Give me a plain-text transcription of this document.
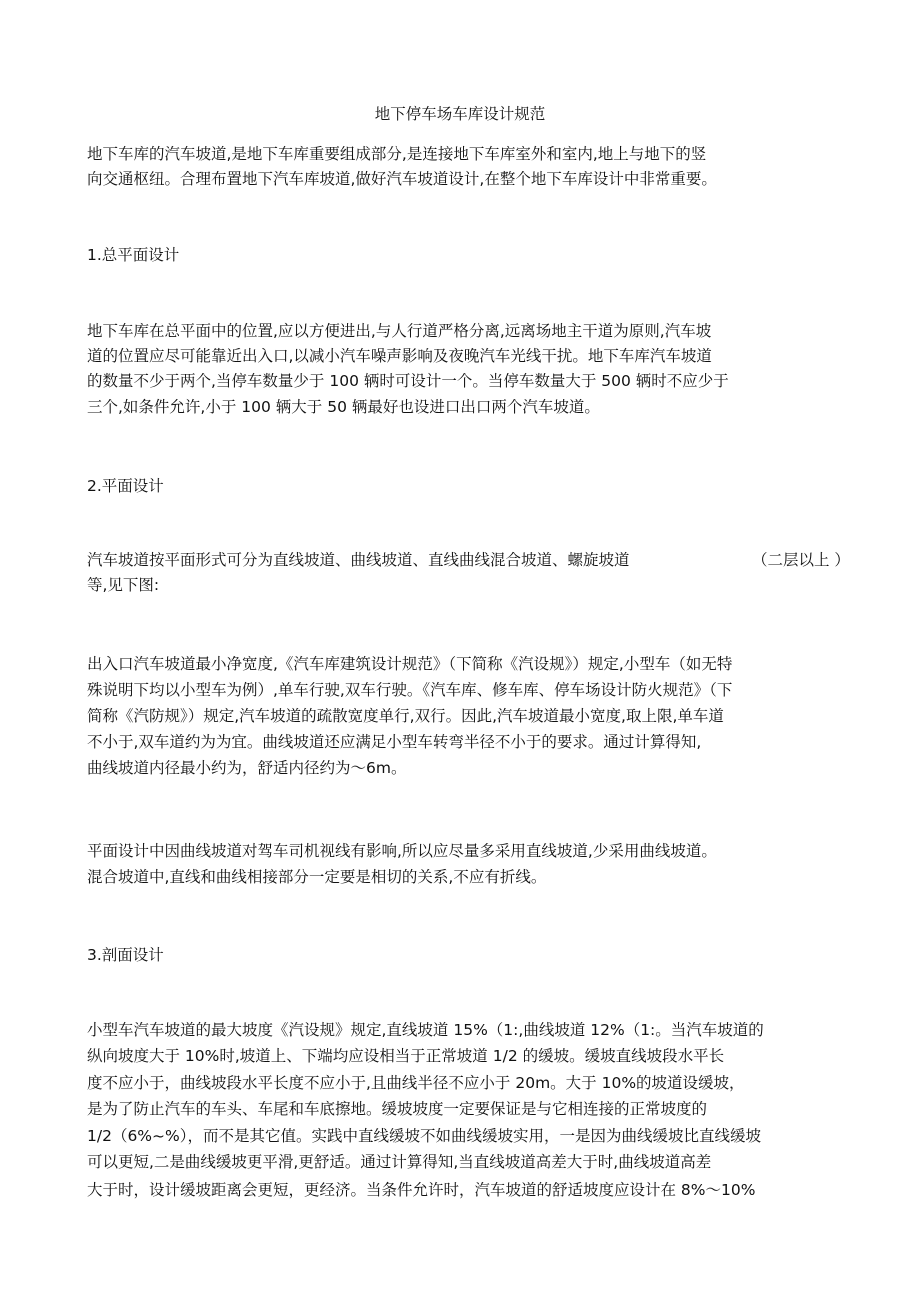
地下停车场车库设计规范
地下车库的汽车坡道,是地下车库重要组成部分,是连接地下车库室外和室内,地上与地下的竖
向交通枢纽。合理布置地下汽车库坡道,做好汽车坡道设计,在整个地下车库设计中非常重要。
1.总平面设计
地下车库在总平面中的位置,应以方便进出,与人行道严格分离,远离场地主干道为原则,汽车坡
道的位置应尽可能靠近出入口,以减小汽车噪声影响及夜晚汽车光线干扰。地下车库汽车坡道
的数量不少于两个,当停车数量少于 100 辆时可设计一个。当停车数量大于 500 辆时不应少于
三个,如条件允许,小于 100 辆大于 50 辆最好也设进口出口两个汽车坡道。
2.平面设计
汽车坡道按平面形式可分为直线坡道、曲线坡道、直线曲线混合坡道、螺旋坡道	（二层以上 ）
等,见下图:
出入口汽车坡道最小净宽度,《汽车库建筑设计规范》（下简称《汽设规》）规定,小型车（如无特
殊说明下均以小型车为例）,单车行驶,双车行驶。《汽车库、修车库、停车场设计防火规范》（下
简称《汽防规》）规定,汽车坡道的疏散宽度单行,双行。因此,汽车坡道最小宽度,取上限,单车道
不小于,双车道约为为宜。曲线坡道还应满足小型车转弯半径不小于的要求。通过计算得知,
曲线坡道内径最小约为，舒适内径约为～6m。
平面设计中因曲线坡道对驾车司机视线有影响,所以应尽量多采用直线坡道,少采用曲线坡道。
混合坡道中,直线和曲线相接部分一定要是相切的关系,不应有折线。
3.剖面设计
小型车汽车坡道的最大坡度《汽设规》规定,直线坡道 15%（1:,曲线坡道 12%（1:。当汽车坡道的
纵向坡度大于 10%时,坡道上、下端均应设相当于正常坡道 1/2 的缓坡。缓坡直线坡段水平长
度不应小于，曲线坡段水平长度不应小于,且曲线半径不应小于 20m。大于 10%的坡道设缓坡，
是为了防止汽车的车头、车尾和车底擦地。缓坡坡度一定要保证是与它相连接的正常坡度的
1/2（6%~%），而不是其它值。实践中直线缓坡不如曲线缓坡实用，一是因为曲线缓坡比直线缓坡
可以更短,二是曲线缓坡更平滑,更舒适。通过计算得知,当直线坡道高差大于时,曲线坡道高差
大于时，设计缓坡距离会更短，更经济。当条件允许时，汽车坡道的舒适坡度应设计在 8%～10%
